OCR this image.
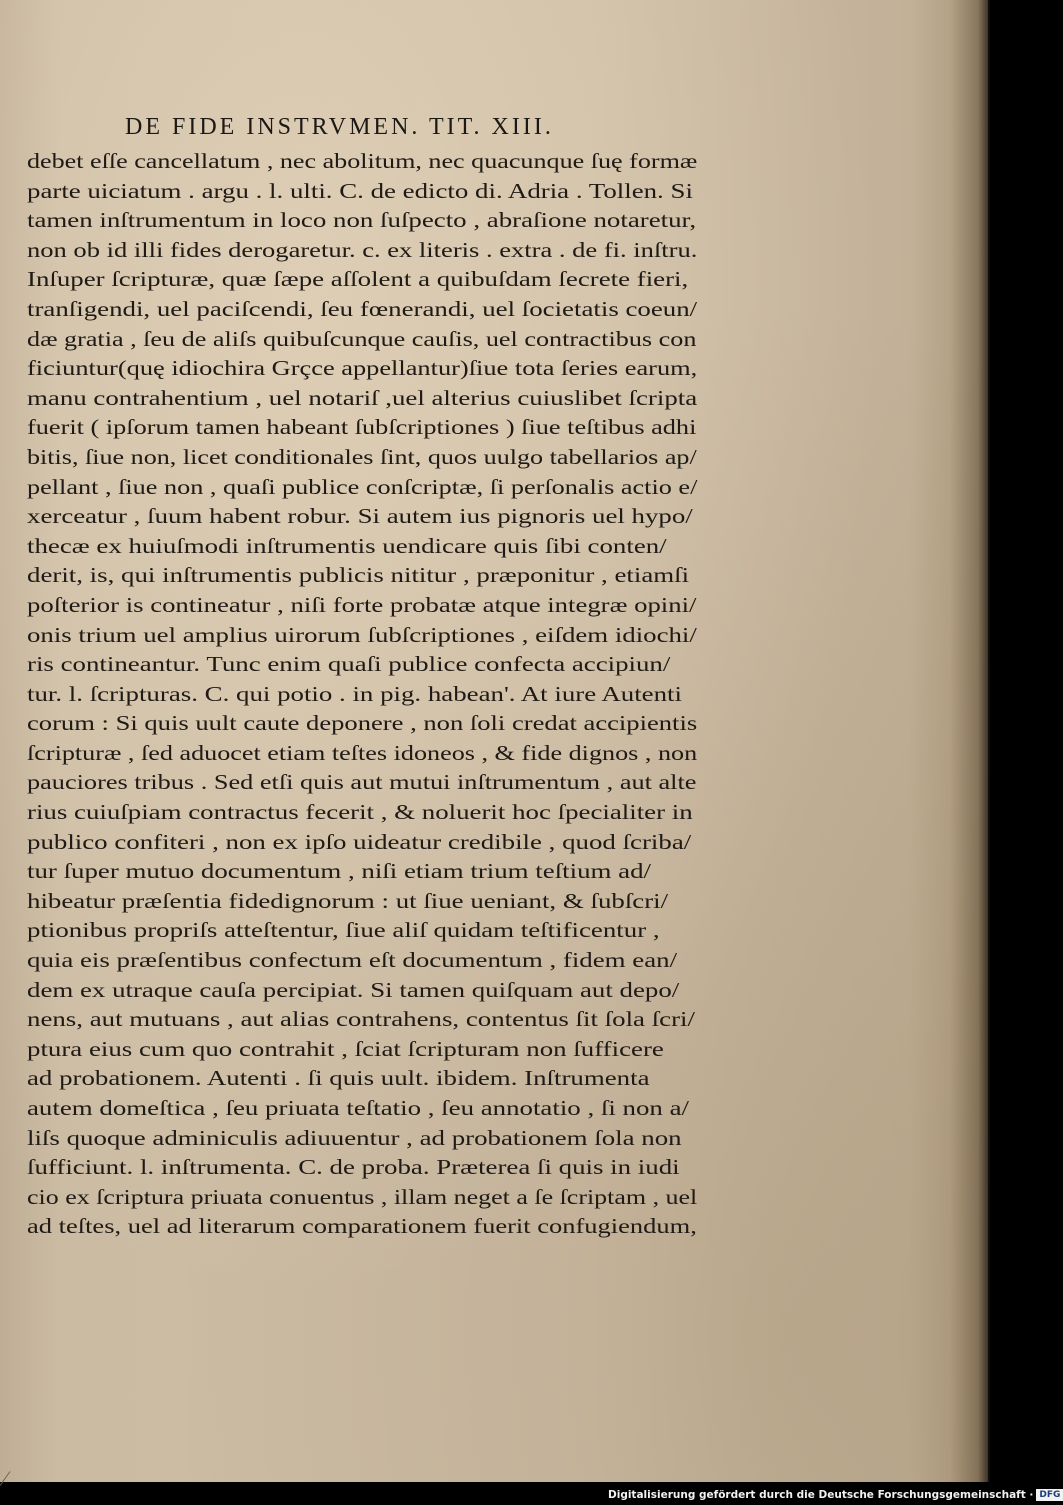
DE FIDE INSTRVMEN. TIT. XIII.
debet eſſe cancellatum , nec abolitum, nec quacunque ſuę formæ
parte uiciatum . argu . l. ulti. C. de edicto di. Adria . Tollen. Si
tamen inſtrumentum in loco non ſuſpecto , abraſione notaretur,
non ob id illi fides derogaretur. c. ex literis . extra . de fi. inſtru.
Inſuper ſcripturæ, quæ ſæpe aſſolent a quibuſdam ſecrete fieri,
tranſigendi, uel paciſcendi, ſeu fœnerandi, uel ſocietatis coeun/
dæ gratia , ſeu de aliſs quibuſcunque cauſis, uel contractibus con
ficiuntur(quę idiochira Grçce appellantur)ſiue tota ſeries earum,
manu contrahentium , uel notariſ ,uel alterius cuiuslibet ſcripta
fuerit ( ipſorum tamen habeant ſubſcriptiones ) ſiue teſtibus adhi
bitis, ſiue non, licet conditionales ſint, quos uulgo tabellarios ap/
pellant , ſiue non , quaſi publice conſcriptæ, ſi perſonalis actio e/
xerceatur , ſuum habent robur. Si autem ius pignoris uel hypo/
thecæ ex huiuſmodi inſtrumentis uendicare quis ſibi conten/
derit, is, qui inſtrumentis publicis nititur , præponitur , etiamſi
poſterior is contineatur , niſi forte probatæ atque integræ opini/
onis trium uel amplius uirorum ſubſcriptiones , eiſdem idiochi/
ris contineantur. Tunc enim quaſi publice confecta accipiun/
tur. l. ſcripturas. C. qui potio . in pig. habean'. At iure Autenti
corum : Si quis uult caute deponere , non ſoli credat accipientis
ſcripturæ , ſed aduocet etiam teſtes idoneos , & fide dignos , non
pauciores tribus . Sed etſi quis aut mutui inſtrumentum , aut alte
rius cuiuſpiam contractus fecerit , & noluerit hoc ſpecialiter in
publico confiteri , non ex ipſo uideatur credibile , quod ſcriba/
tur ſuper mutuo documentum , niſi etiam trium teſtium ad/
hibeatur præſentia fidedignorum : ut ſiue ueniant, & ſubſcri/
ptionibus propriſs atteſtentur, ſiue aliſ quidam teſtificentur ,
quia eis præſentibus confectum eſt documentum , fidem ean/
dem ex utraque cauſa percipiat. Si tamen quiſquam aut depo/
nens, aut mutuans , aut alias contrahens, contentus ſit ſola ſcri/
ptura eius cum quo contrahit , ſciat ſcripturam non ſufficere
ad probationem. Autenti . ſi quis uult. ibidem. Inſtrumenta
autem domeſtica , ſeu priuata teſtatio , ſeu annotatio , ſi non a/
liſs quoque adminiculis adiuuentur , ad probationem ſola non
ſufficiunt. l. inſtrumenta. C. de proba. Præterea ſi quis in iudi
cio ex ſcriptura priuata conuentus , illam neget a ſe ſcriptam , uel
ad teſtes, uel ad literarum comparationem fuerit confugiendum,
⁄
Digitalisierung gefördert durch die Deutsche Forschungsgemeinschaft · DFG
